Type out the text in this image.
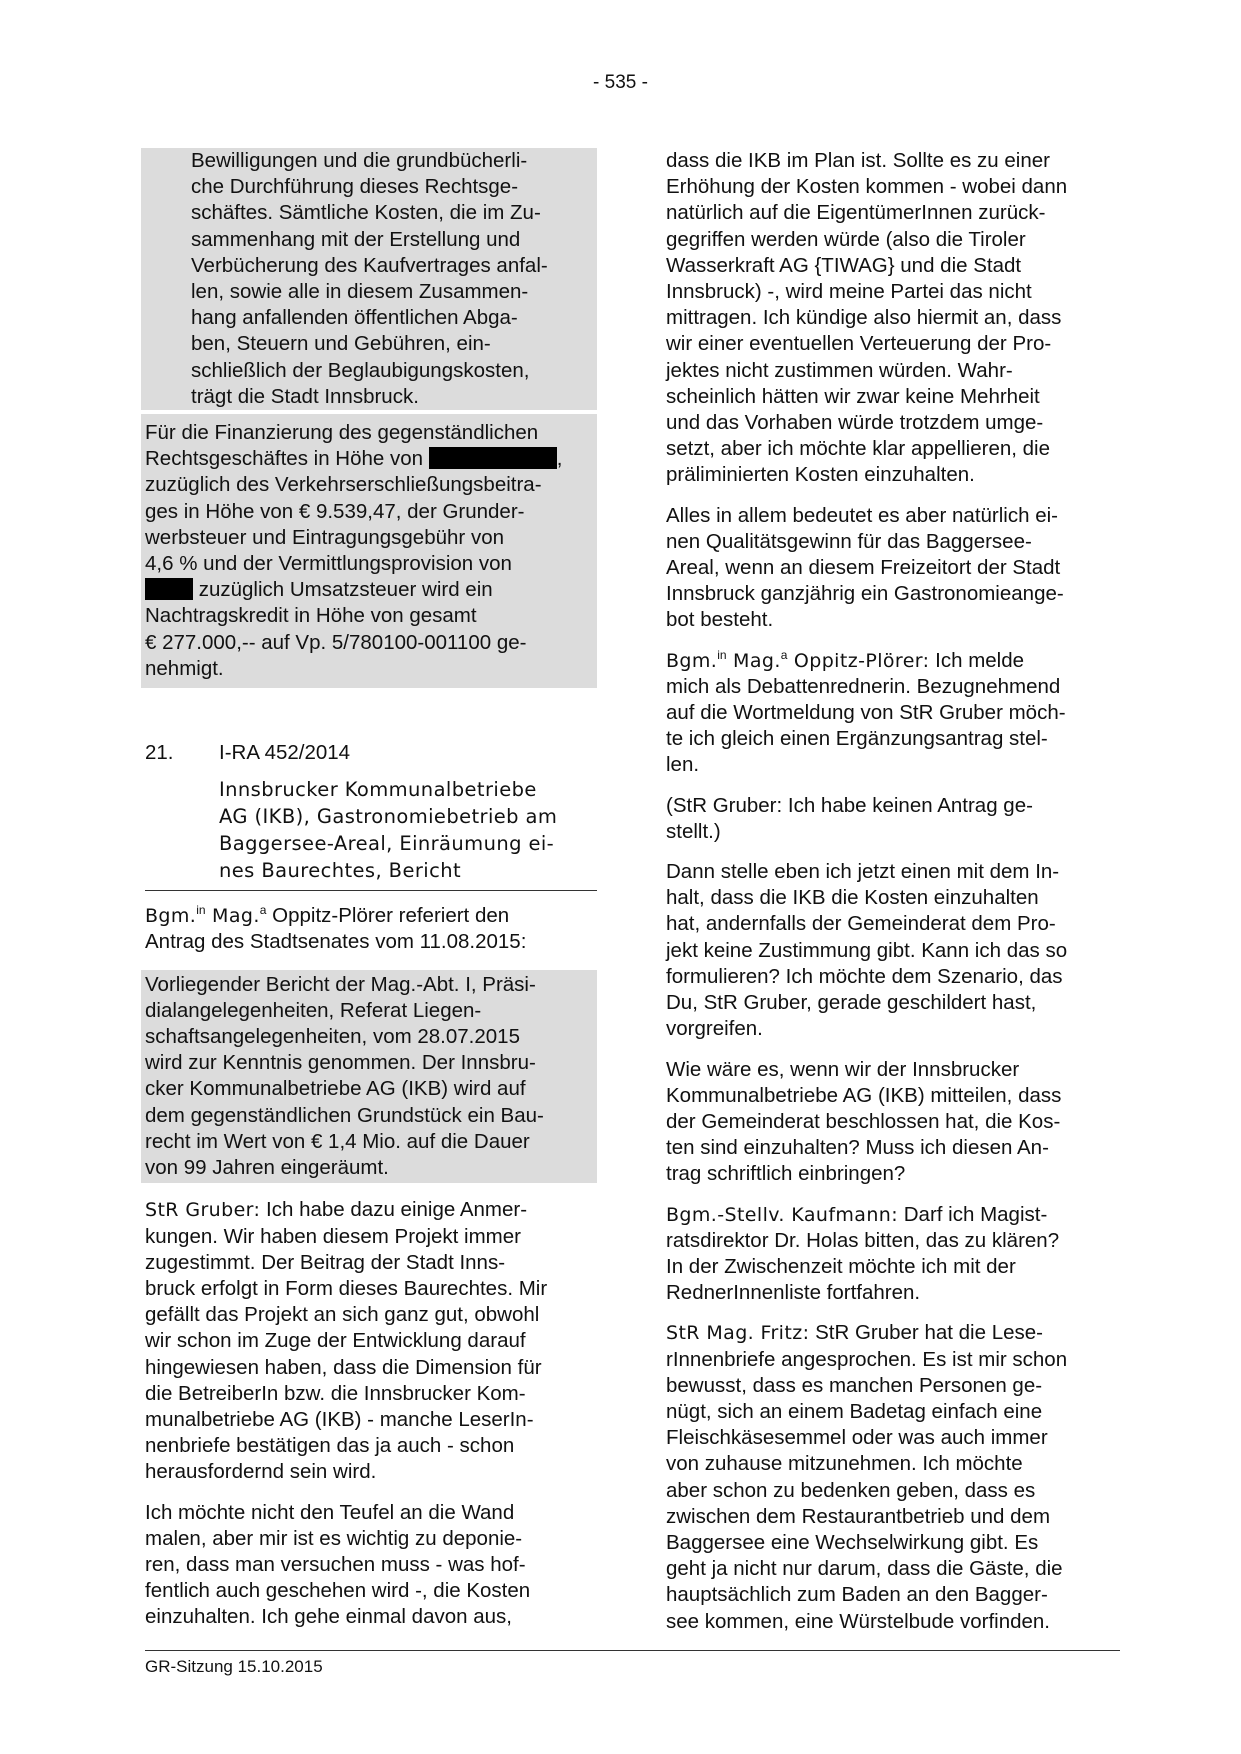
- 535 -
Bewilligungen und die grundbücherli-
che Durchführung dieses Rechtsge-
schäftes. Sämtliche Kosten, die im Zu-
sammenhang mit der Erstellung und
Verbücherung des Kaufvertrages anfal-
len, sowie alle in diesem Zusammen-
hang anfallenden öffentlichen Abga-
ben, Steuern und Gebühren, ein-
schließlich der Beglaubigungskosten,
trägt die Stadt Innsbruck.
Für die Finanzierung des gegenständlichen
Rechtsgeschäftes in Höhe von	,
zuzüglich des Verkehrserschließungsbeitra-
ges in Höhe von € 9.539,47, der Grunder-
werbsteuer und Eintragungsgebühr von
4,6 % und der Vermittlungsprovision von
zuzüglich Umsatzsteuer wird ein
Nachtragskredit in Höhe von gesamt
€ 277.000,-- auf Vp. 5/780100-001100 ge-
nehmigt.
21.	I-RA 452/2014
Innsbrucker Kommunalbetriebe
AG (IKB), Gastronomiebetrieb am
Baggersee-Areal, Einräumung ei-
nes Baurechtes, Bericht
Bgm.$^{in}$ Mag.$^a$ Oppitz-Plörer referiert den
Antrag des Stadtsenates vom 11.08.2015:
Vorliegender Bericht der Mag.-Abt. I, Präsi-
dialangelegenheiten, Referat Liegen-
schaftsangelegenheiten, vom 28.07.2015
wird zur Kenntnis genommen. Der Innsbru-
cker Kommunalbetriebe AG (IKB) wird auf
dem gegenständlichen Grundstück ein Bau-
recht im Wert von € 1,4 Mio. auf die Dauer
von 99 Jahren eingeräumt.
StR Gruber: Ich habe dazu einige Anmer-
kungen. Wir haben diesem Projekt immer
zugestimmt. Der Beitrag der Stadt Inns-
bruck erfolgt in Form dieses Baurechtes. Mir
gefällt das Projekt an sich ganz gut, obwohl
wir schon im Zuge der Entwicklung darauf
hingewiesen haben, dass die Dimension für
die BetreiberIn bzw. die Innsbrucker Kom-
munalbetriebe AG (IKB) - manche LeserIn-
nenbriefe bestätigen das ja auch - schon
herausfordernd sein wird.
Ich möchte nicht den Teufel an die Wand
malen, aber mir ist es wichtig zu deponie-
ren, dass man versuchen muss - was hof-
fentlich auch geschehen wird -, die Kosten
einzuhalten. Ich gehe einmal davon aus,
dass die IKB im Plan ist. Sollte es zu einer
Erhöhung der Kosten kommen - wobei dann
natürlich auf die EigentümerInnen zurück-
gegriffen werden würde (also die Tiroler
Wasserkraft AG {TIWAG} und die Stadt
Innsbruck) -, wird meine Partei das nicht
mittragen. Ich kündige also hiermit an, dass
wir einer eventuellen Verteuerung der Pro-
jektes nicht zustimmen würden. Wahr-
scheinlich hätten wir zwar keine Mehrheit
und das Vorhaben würde trotzdem umge-
setzt, aber ich möchte klar appellieren, die
präliminierten Kosten einzuhalten.
Alles in allem bedeutet es aber natürlich ei-
nen Qualitätsgewinn für das Baggersee-
Areal, wenn an diesem Freizeitort der Stadt
Innsbruck ganzjährig ein Gastronomieange-
bot besteht.
Bgm.$^{in}$ Mag.$^a$ Oppitz-Plörer: Ich melde
mich als Debattenrednerin. Bezugnehmend
auf die Wortmeldung von StR Gruber möch-
te ich gleich einen Ergänzungsantrag stel-
len.
(StR Gruber: Ich habe keinen Antrag ge-
stellt.)
Dann stelle eben ich jetzt einen mit dem In-
halt, dass die IKB die Kosten einzuhalten
hat, andernfalls der Gemeinderat dem Pro-
jekt keine Zustimmung gibt. Kann ich das so
formulieren? Ich möchte dem Szenario, das
Du, StR Gruber, gerade geschildert hast,
vorgreifen.
Wie wäre es, wenn wir der Innsbrucker
Kommunalbetriebe AG (IKB) mitteilen, dass
der Gemeinderat beschlossen hat, die Kos-
ten sind einzuhalten? Muss ich diesen An-
trag schriftlich einbringen?
Bgm.-Stellv. Kaufmann: Darf ich Magist-
ratsdirektor Dr. Holas bitten, das zu klären?
In der Zwischenzeit möchte ich mit der
RednerInnenliste fortfahren.
StR Mag. Fritz: StR Gruber hat die Lese-
rInnenbriefe angesprochen. Es ist mir schon
bewusst, dass es manchen Personen ge-
nügt, sich an einem Badetag einfach eine
Fleischkäsesemmel oder was auch immer
von zuhause mitzunehmen. Ich möchte
aber schon zu bedenken geben, dass es
zwischen dem Restaurantbetrieb und dem
Baggersee eine Wechselwirkung gibt. Es
geht ja nicht nur darum, dass die Gäste, die
hauptsächlich zum Baden an den Bagger-
see kommen, eine Würstelbude vorfinden.
GR-Sitzung 15.10.2015
